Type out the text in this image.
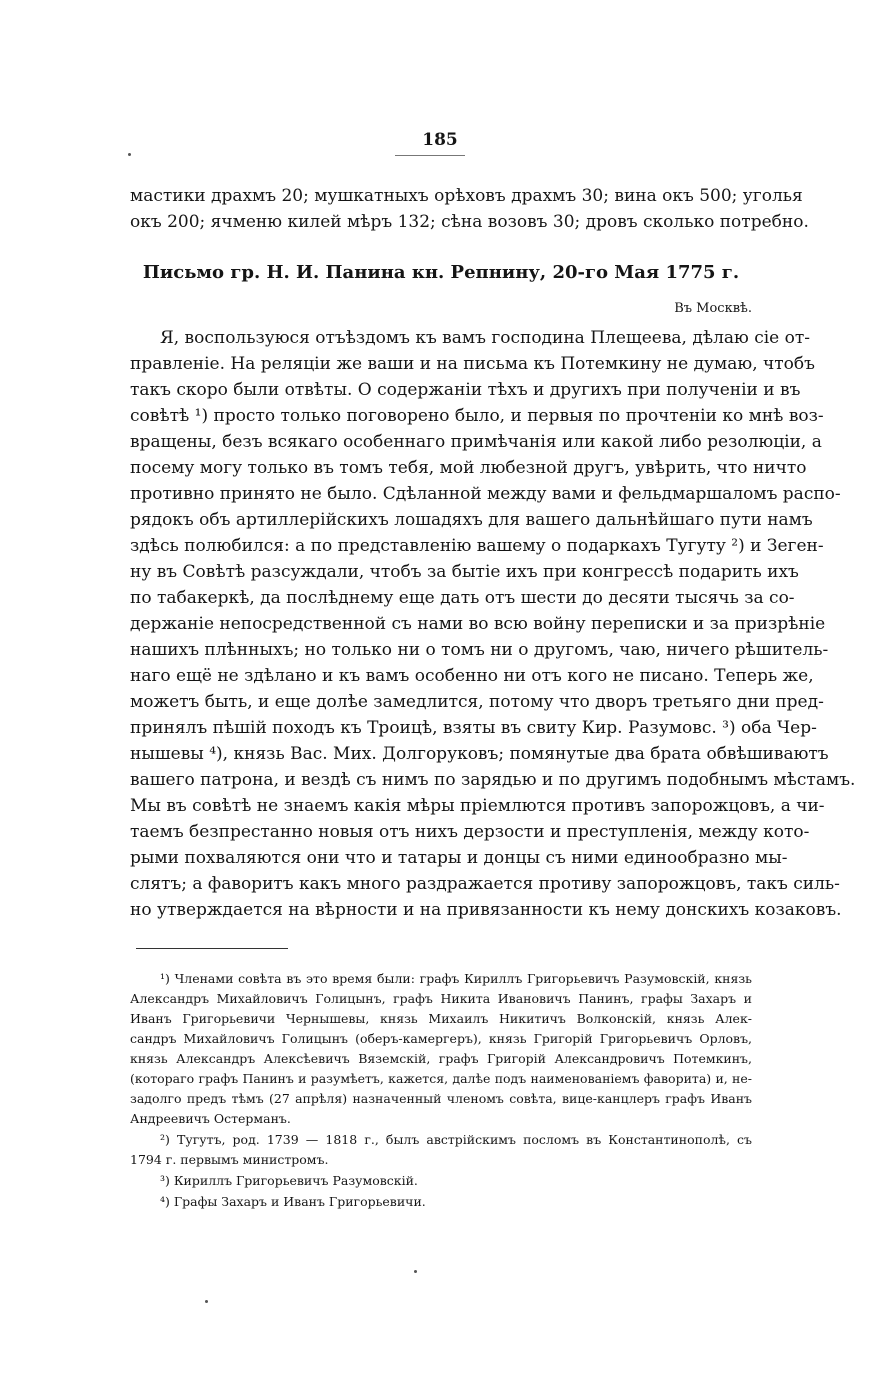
185
мастики драхмъ 20; мушкатныхъ орѣховъ драхмъ 30; вина окъ 500; уголья
окъ 200; ячменю килей мѣръ 132; сѣна возовъ 30; дровъ сколько потребно.
Письмо гр. Н. И. Панина кн. Репнину, 20-го Мая 1775 г.
Въ Москвѣ.
Я, воспользуюся отъѣздомъ къ вамъ господина Плещеева, дѣлаю сіе от-
правленіе. На реляціи же ваши и на письма къ Потемкину не думаю, чтобъ
такъ скоро были отвѣты. О содержаніи тѣхъ и другихъ при полученіи и въ
совѣтѣ ¹) просто только поговорено было, и первыя по прочтеніи ко мнѣ воз-
вращены, безъ всякаго особеннаго примѣчанія или какой либо резолюціи, а
посему могу только въ томъ тебя, мой любезной другъ, увѣрить, что ничто
противно принято не было. Сдѣланной между вами и фельдмаршаломъ распо-
рядокъ объ артиллерійскихъ лошадяхъ для вашего дальнѣйшаго пути намъ
здѣсь полюбился: а по представленію вашему о подаркахъ Тугуту ²) и Зеген-
ну въ Совѣтѣ разсуждали, чтобъ за бытіе ихъ при конгрессѣ подарить ихъ
по табакеркѣ, да послѣднему еще дать отъ шести до десяти тысячь за со-
держаніе непосредственной съ нами во всю войну переписки и за призрѣніе
нашихъ плѣнныхъ; но только ни о томъ ни о другомъ, чаю, ничего рѣшитель-
наго ещё не здѣлано и къ вамъ особенно ни отъ кого не писано. Теперь же,
можетъ быть, и еще долѣе замедлится, потому что дворъ третьяго дни пред-
принялъ пѣшій походъ къ Троицѣ, взяты въ свиту Кир. Разумовс. ³) оба Чер-
нышевы ⁴), князь Вас. Мих. Долгоруковъ; помянутые два брата обвѣшиваютъ
вашего патрона, и вездѣ съ нимъ по зарядью и по другимъ подобнымъ мѣстамъ.
Мы въ совѣтѣ не знаемъ какія мѣры пріемлются противъ запорожцовъ, а чи-
таемъ безпрестанно новыя отъ нихъ дерзости и преступленія, между кото-
рыми похваляются они что и татары и донцы съ ними единообразно мы-
слятъ; а фаворитъ какъ много раздражается противу запорожцовъ, такъ силь-
но утверждается на вѣрности и на привязанности къ нему донскихъ козаковъ.
¹) Членами совѣта въ это время были: графъ Кириллъ Григорьевичъ Разумовскій, князь
Александръ Михайловичъ Голицынъ, графъ Никита Ивановичъ Панинъ, графы Захаръ и
Иванъ Григорьевичи Чернышевы, князь Михаилъ Никитичъ Волконскій, князь Алек-
сандръ Михайловичъ Голицынъ (оберъ-камергеръ), князь Григорій Григорьевичъ Орловъ,
князь Александръ Алексѣевичъ Вяземскій, графъ Григорій Александровичъ Потемкинъ,
(котораго графъ Панинъ и разумѣетъ, кажется, далѣе подъ наименованіемъ фаворита) и, не-
задолго предъ тѣмъ (27 апрѣля) назначенный членомъ совѣта, вице-канцлеръ графъ Иванъ
Андреевичъ Остерманъ.
²) Тугутъ, род. 1739 — 1818 г., былъ австрійскимъ посломъ въ Константинополѣ, съ
1794 г. первымъ министромъ.
³) Кириллъ Григорьевичъ Разумовскій.
⁴) Графы Захаръ и Иванъ Григорьевичи.
